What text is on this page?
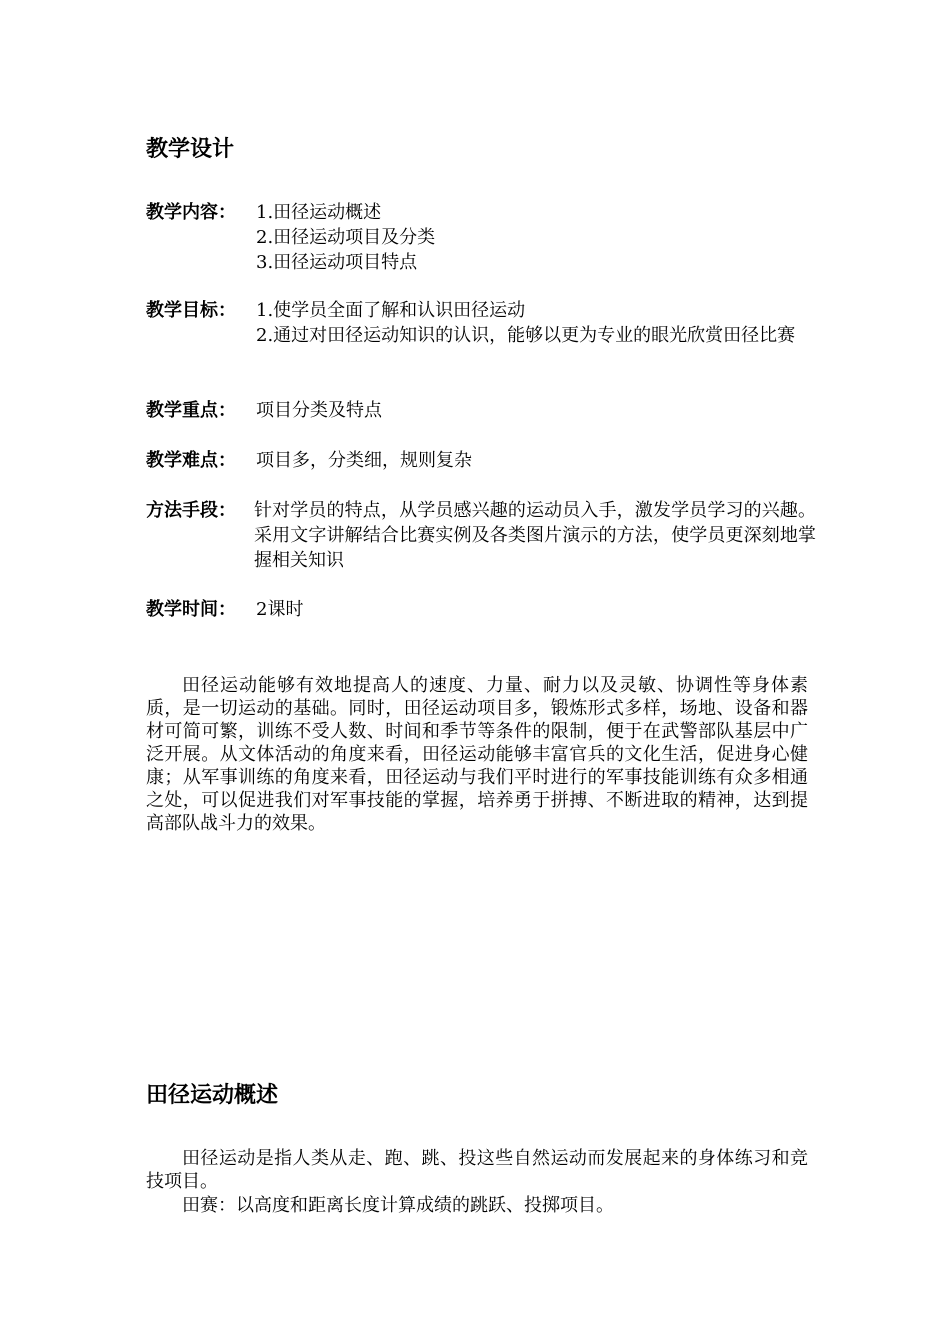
教学设计
教学内容：	1.田径运动概述
2.田径运动项目及分类
3.田径运动项目特点
教学目标：	1.使学员全面了解和认识田径运动
2.通过对田径运动知识的认识，能够以更为专业的眼光欣赏田径比赛
教学重点：	项目分类及特点
教学难点：	项目多，分类细，规则复杂
方法手段：	针对学员的特点，从学员感兴趣的运动员入手，激发学员学习的兴趣。采用文字讲解结合比赛实例及各类图片演示的方法，使学员更深刻地掌握相关知识
教学时间：	2课时

田径运动能够有效地提高人的速度、力量、耐力以及灵敏、协调性等身体素质，是一切运动的基础。同时，田径运动项目多，锻炼形式多样，场地、设备和器材可简可繁，训练不受人数、时间和季节等条件的限制，便于在武警部队基层中广泛开展。从文体活动的角度来看，田径运动能够丰富官兵的文化生活，促进身心健康；从军事训练的角度来看，田径运动与我们平时进行的军事技能训练有众多相通之处，可以促进我们对军事技能的掌握，培养勇于拼搏、不断进取的精神，达到提高部队战斗力的效果。

田径运动概述

田径运动是指人类从走、跑、跳、投这些自然运动而发展起来的身体练习和竞技项目。

田赛：以高度和距离长度计算成绩的跳跃、投掷项目。
